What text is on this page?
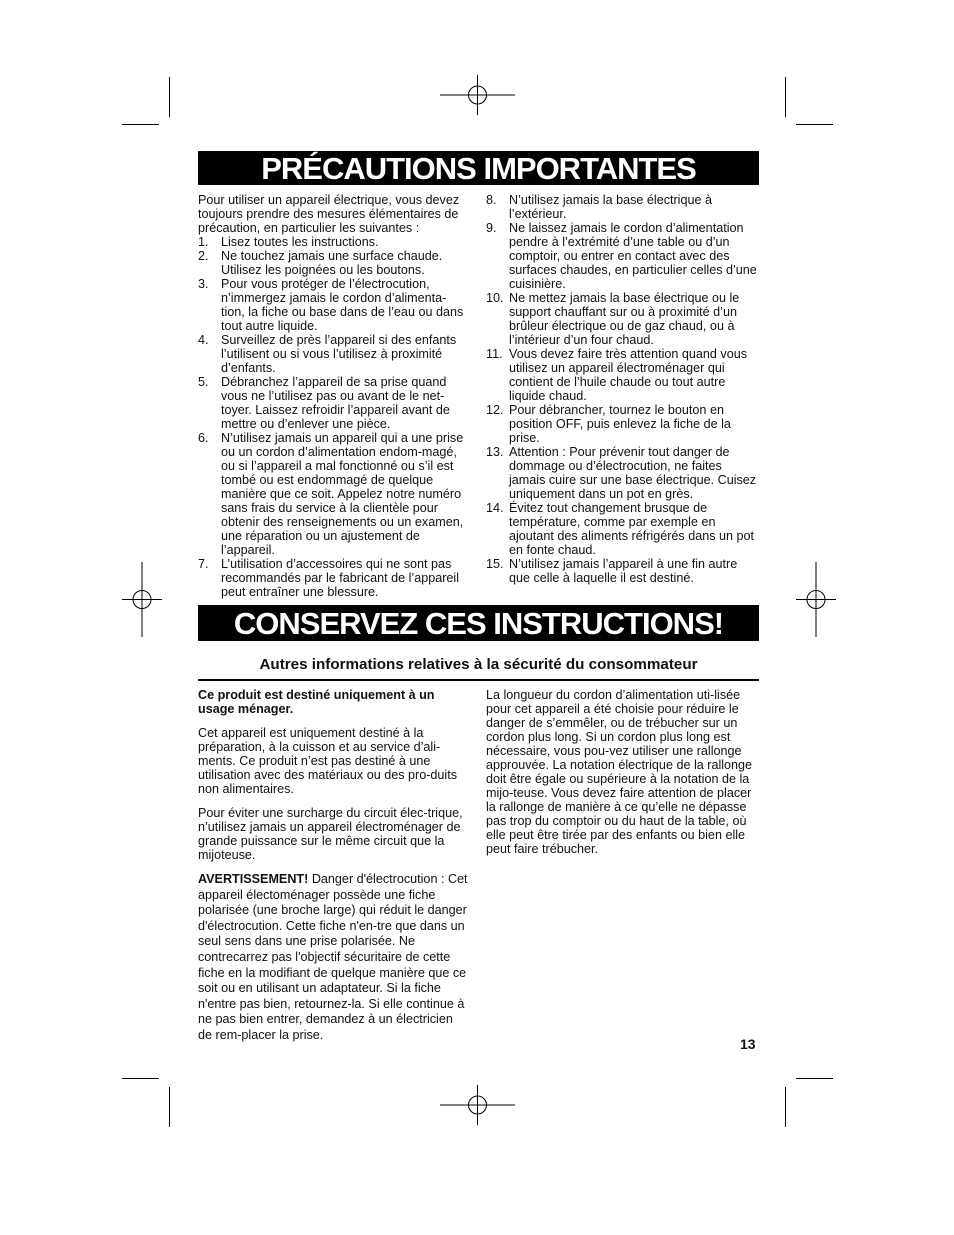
PRÉCAUTIONS IMPORTANTES

Pour utiliser un appareil électrique, vous devez toujours prendre des mesures élémentaires de précaution, en particulier les suivantes :

1. Lisez toutes les instructions.
2. Ne touchez jamais une surface chaude. Utilisez les poignées ou les boutons.
3. Pour vous protéger de l’électrocution, n’immergez jamais le cordon d’alimenta-tion, la fiche ou base dans de l’eau ou dans tout autre liquide.
4. Surveillez de près l’appareil si des enfants l’utilisent ou si vous l’utilisez à proximité d’enfants.
5. Débranchez l’appareil de sa prise quand vous ne l’utilisez pas ou avant de le net-toyer. Laissez refroidir l’appareil avant de mettre ou d’enlever une pièce.
6. N’utilisez jamais un appareil qui a une prise ou un cordon d’alimentation endom-magé, ou si l’appareil a mal fonctionné ou s’il est tombé ou est endommagé de quelque manière que ce soit. Appelez notre numéro sans frais du service à la clientèle pour obtenir des renseignements ou un examen, une réparation ou un ajustement de l’appareil.
7. L’utilisation d’accessoires qui ne sont pas recommandés par le fabricant de l’appareil peut entraîner une blessure.
8. N’utilisez jamais la base électrique à l’extérieur.
9. Ne laissez jamais le cordon d’alimentation pendre à l’extrémité d’une table ou d’un comptoir, ou entrer en contact avec des surfaces chaudes, en particulier celles d’une cuisinière.
10. Ne mettez jamais la base électrique ou le support chauffant sur ou à proximité d’un brûleur électrique ou de gaz chaud, ou à l’intérieur d’un four chaud.
11. Vous devez faire très attention quand vous utilisez un appareil électroménager qui contient de l’huile chaude ou tout autre liquide chaud.
12. Pour débrancher, tournez le bouton en position OFF, puis enlevez la fiche de la prise.
13. Attention : Pour prévenir tout danger de dommage ou d’électrocution, ne faites jamais cuire sur une base électrique. Cuisez uniquement dans un pot en grès.
14. Évitez tout changement brusque de température, comme par exemple en ajoutant des aliments réfrigérés dans un pot en fonte chaud.
15. N’utilisez jamais l’appareil à une fin autre que celle à laquelle il est destiné.
CONSERVEZ CES INSTRUCTIONS!
Autres informations relatives à la sécurité du consommateur

Ce produit est destiné uniquement à un usage ménager.

Cet appareil est uniquement destiné à la préparation, à la cuisson et au service d’ali-ments. Ce produit n’est pas destiné à une utilisation avec des matériaux ou des pro-duits non alimentaires.

Pour éviter une surcharge du circuit élec-trique, n’utilisez jamais un appareil électroménager de grande puissance sur le même circuit que la mijoteuse.

AVERTISSEMENT! Danger d'électrocution : Cet appareil électoménager possède une fiche polarisée (une broche large) qui réduit le danger d'électrocution. Cette fiche n'en-tre que dans un seul sens dans une prise polarisée. Ne contrecarrez pas l'objectif sécuritaire de cette fiche en la modifiant de quelque manière que ce soit ou en utilisant un adaptateur. Si la fiche n'entre pas bien, retournez-la. Si elle continue à ne pas bien entrer, demandez à un électricien de rem-placer la prise.

La longueur du cordon d’alimentation uti-lisée pour cet appareil a été choisie pour réduire le danger de s’emmêler, ou de trébucher sur un cordon plus long. Si un cordon plus long est nécessaire, vous pou-vez utiliser une rallonge approuvée. La notation électrique de la rallonge doit être égale ou supérieure à la notation de la mijo-teuse. Vous devez faire attention de placer la rallonge de manière à ce qu’elle ne dépasse pas trop du comptoir ou du haut de la table, où elle peut être tirée par des enfants ou bien elle peut faire trébucher.

13
